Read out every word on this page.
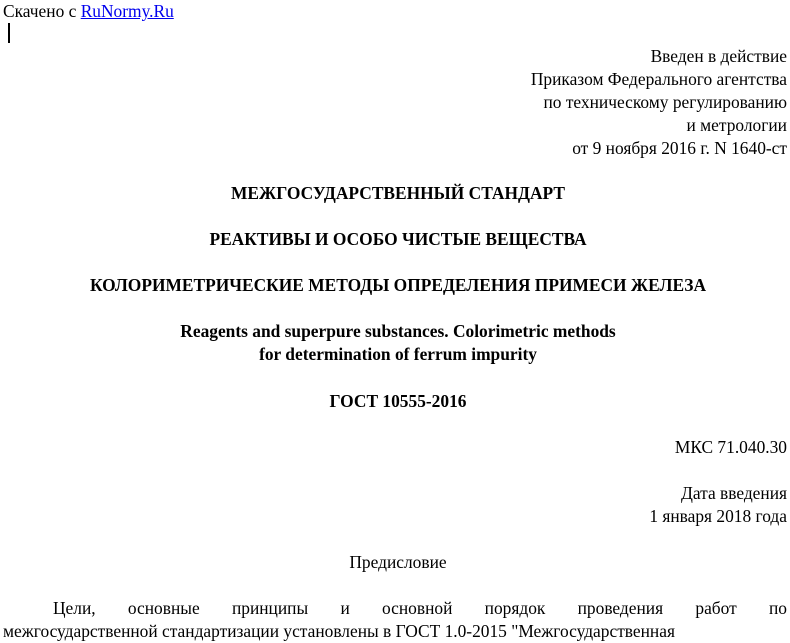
Скачено с RuNormy.Ru
Введен в действие
Приказом Федерального агентства
по техническому регулированию
и метрологии
от 9 ноября 2016 г. N 1640-ст
МЕЖГОСУДАРСТВЕННЫЙ СТАНДАРТ
РЕАКТИВЫ И ОСОБО ЧИСТЫЕ ВЕЩЕСТВА
КОЛОРИМЕТРИЧЕСКИЕ МЕТОДЫ ОПРЕДЕЛЕНИЯ ПРИМЕСИ ЖЕЛЕЗА
Reagents and superpure substances. Colorimetric methods
for determination of ferrum impurity
ГОСТ 10555-2016
МКС 71.040.30
Дата введения
1 января 2018 года
Предисловие
Цели, основные принципы и основной порядок проведения работ по
межгосударственной стандартизации установлены в ГОСТ 1.0-2015 "Межгосударственная
